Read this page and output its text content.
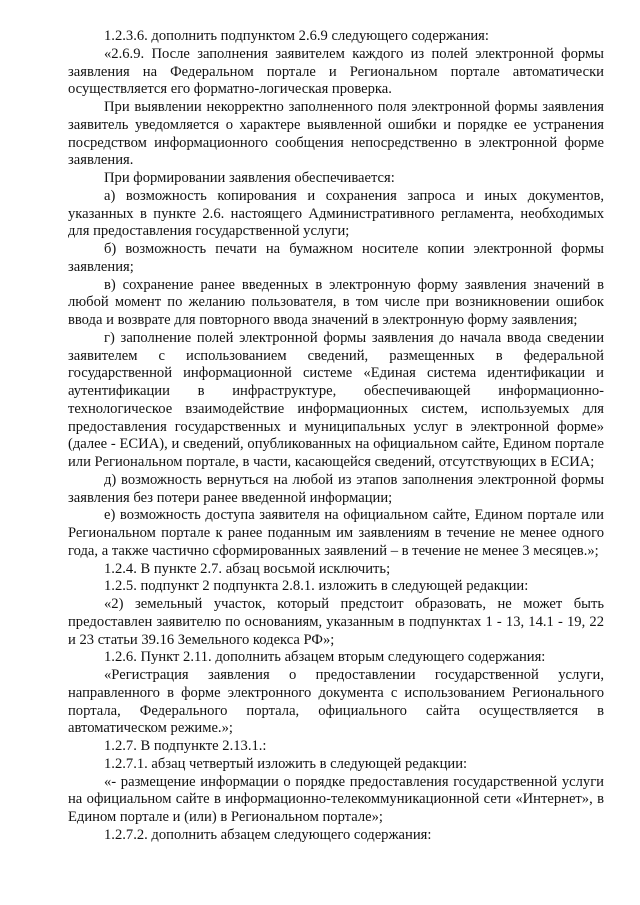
1.2.3.6. дополнить подпунктом 2.6.9 следующего содержания:

«2.6.9. После заполнения заявителем каждого из полей электронной формы заявления на Федеральном портале и Региональном портале автоматически осуществляется его форматно-логическая проверка.

При выявлении некорректно заполненного поля электронной формы заявления заявитель уведомляется о характере выявленной ошибки и порядке ее устранения посредством информационного сообщения непосредственно в электронной форме заявления.

При формировании заявления обеспечивается:

а) возможность копирования и сохранения запроса и иных документов, указанных в пункте 2.6. настоящего Административного регламента, необходимых для предоставления государственной услуги;

б) возможность печати на бумажном носителе копии электронной формы заявления;

в) сохранение ранее введенных в электронную форму заявления значений в любой момент по желанию пользователя, в том числе при возникновении ошибок ввода и возврате для повторного ввода значений в электронную форму заявления;

г) заполнение полей электронной формы заявления до начала ввода сведении заявителем с использованием сведений, размещенных в федеральной государственной информационной системе «Единая система идентификации и аутентификации в инфраструктуре, обеспечивающей информационно-технологическое взаимодействие информационных систем, используемых для предоставления государственных и муниципальных услуг в электронной форме» (далее - ЕСИА), и сведений, опубликованных на официальном сайте, Едином портале или Региональном портале, в части, касающейся сведений, отсутствующих в ЕСИА;

д) возможность вернуться на любой из этапов заполнения электронной формы заявления без потери ранее введенной информации;

е) возможность доступа заявителя на официальном сайте, Едином портале или Региональном портале к ранее поданным им заявлениям в течение не менее одного года, а также частично сформированных заявлений – в течение не менее 3 месяцев.»;

1.2.4. В пункте 2.7. абзац восьмой исключить;

1.2.5. подпункт 2 подпункта 2.8.1. изложить в следующей редакции:

«2) земельный участок, который предстоит образовать, не может быть предоставлен заявителю по основаниям, указанным в подпунктах 1 - 13, 14.1 - 19, 22 и 23 статьи 39.16 Земельного кодекса РФ»;

1.2.6. Пункт 2.11. дополнить абзацем вторым следующего содержания:

«Регистрация заявления о предоставлении государственной услуги, направленного в форме электронного документа с использованием Регионального портала, Федерального портала, официального сайта осуществляется в автоматическом режиме.»;

1.2.7. В подпункте 2.13.1.:

1.2.7.1. абзац четвертый изложить в следующей редакции:

«- размещение информации о порядке предоставления государственной услуги на официальном сайте в информационно-телекоммуникационной сети «Интернет», в Едином портале и (или) в Региональном портале»;

1.2.7.2. дополнить абзацем следующего содержания:
